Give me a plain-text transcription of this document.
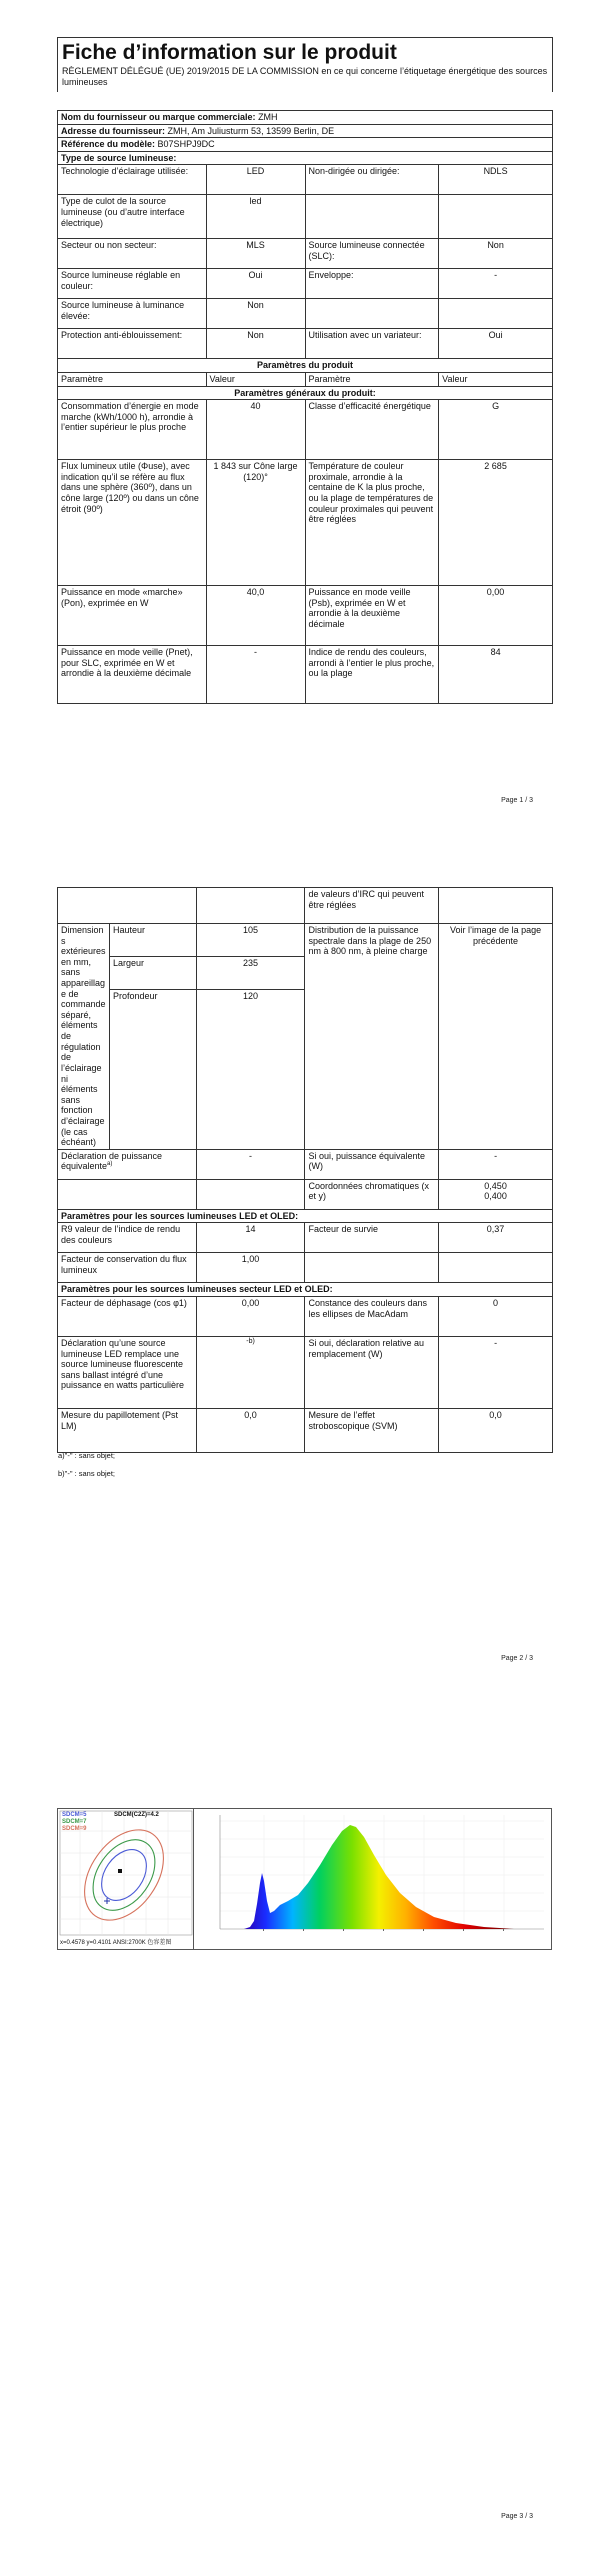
Fiche d’information sur le produit
RÈGLEMENT DÉLÉGUÉ (UE) 2019/2015 DE LA COMMISSION en ce qui concerne l’étiquetage énergétique des sources lumineuses
Nom du fournisseur ou marque commerciale: ZMH			
Adresse du fournisseur: ZMH, Am Juliusturm 53, 13599 Berlin, DE			
Référence du modèle: B07SHPJ9DC			
Type de source lumineuse:			
Technologie d’éclairage utilisée:	LED	Non-dirigée ou dirigée:	NDLS
Type de culot de la source lumineuse (ou d’autre interface électrique)	led		
Secteur ou non secteur:	MLS	Source lumineuse connectée (SLC):	Non
Source lumineuse réglable en couleur:	Oui	Enveloppe:	-
Source lumineuse à luminance élevée:	Non		
Protection anti-éblouissement:	Non	Utilisation avec un variateur:	Oui
Paramètres du produit			
Paramètre	Valeur	Paramètre	Valeur
Paramètres généraux du produit:			
Consommation d’énergie en mode marche (kWh/1000 h), arrondie à l’entier supérieur le plus proche	40	Classe d’efficacité énergétique	G
Flux lumineux utile (Φuse), avec indication qu’il se réfère au flux dans une sphère (360º), dans un cône large (120º) ou dans un cône étroit (90º)	1 843 sur Cône large (120)°	Température de couleur proximale, arrondie à la centaine de K la plus proche, ou la plage de températures de couleur proximales qui peuvent être réglées	2 685
Puissance en mode «marche» (Pon), exprimée en W	40,0	Puissance en mode veille (Psb), exprimée en W et arrondie à la deuxième décimale	0,00
Puissance en mode veille (Pnet), pour SLC, exprimée en W et arrondie à la deuxième décimale	-	Indice de rendu des couleurs, arrondi à l’entier le plus proche, ou la plage	84
Page 1 / 3
			de valeurs d’IRC qui peuvent être réglées	
Dimensions extérieures en mm, sans appareillage de commande séparé, éléments de régulation de l’éclairage ni éléments sans fonction d’éclairage (le cas échéant)	Hauteur	105	Distribution de la puissance spectrale dans la plage de 250 nm à 800 nm, à pleine charge	Voir l’image de la page précédente
	Largeur	235		
	Profondeur	120		
Déclaration de puissance équivalente$^{a)}$		-	Si oui, puissance équivalente (W)	-
			Coordonnées chromatiques (x et y)	0,450
0,400

Paramètres pour les sources lumineuses LED et OLED:				
R9 valeur de l’indice de rendu des couleurs		14	Facteur de survie	0,37
Facteur de conservation du flux lumineux		1,00		
Paramètres pour les sources lumineuses secteur LED et OLED:				
Facteur de déphasage (cos φ1)		0,00	Constance des couleurs dans les ellipses de MacAdam	0
Déclaration qu’une source lumineuse LED remplace une source lumineuse fluorescente sans ballast intégré d’une puissance en watts particulière		-b)	Si oui, déclaration relative au remplacement (W)	-
Mesure du papillotement (Pst LM)		0,0	Mesure de l’effet stroboscopique (SVM)	0,0
a)"-" : sans objet;
b)"-" : sans objet;
Page 2 / 3
SDCM=5
SDCM=7
SDCM=9
SDCM(C2Z)=4.2
x=0.4578 y=0.4101 ANSI:2700K 色容差图
Page 3 / 3
